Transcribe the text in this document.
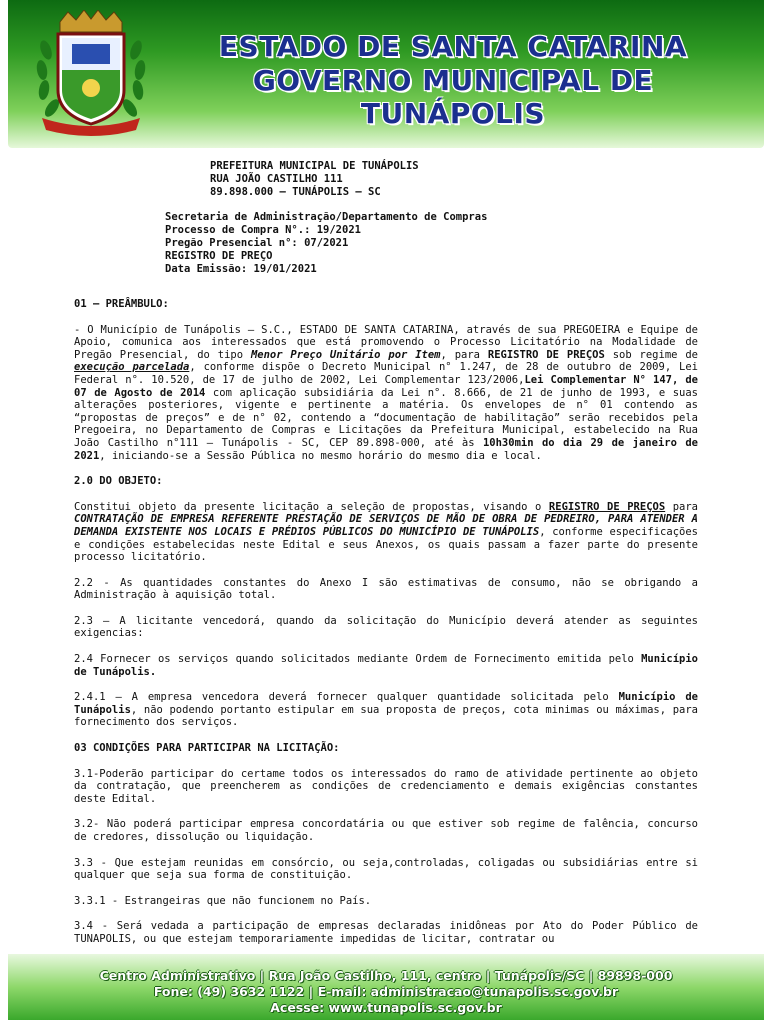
ESTADO DE SANTA CATARINA
GOVERNO MUNICIPAL DE TUNÁPOLIS
PREFEITURA MUNICIPAL DE TUNÁPOLIS
RUA JOÃO CASTILHO 111
89.898.000 – TUNÁPOLIS – SC
Secretaria de Administração/Departamento de Compras
Processo de Compra N°.: 19/2021
Pregão Presencial n°: 07/2021
REGISTRO DE PREÇO
Data Emissão: 19/01/2021

01 – PREÂMBULO:

- O Município de Tunápolis – S.C., ESTADO DE SANTA CATARINA, através de sua PREGOEIRA e Equipe de Apoio, comunica aos interessados que está promovendo o Processo Licitatório na Modalidade de Pregão Presencial, do tipo Menor Preço Unitário por Item, para REGISTRO DE PREÇOS sob regime de execução parcelada, conforme dispõe o Decreto Municipal n° 1.247, de 28 de outubro de 2009, Lei Federal n°. 10.520, de 17 de julho de 2002, Lei Complementar 123/2006,Lei Complementar N° 147, de 07 de Agosto de 2014 com aplicação subsidiária da Lei n°. 8.666, de 21 de junho de 1993, e suas alterações posteriores, vigente e pertinente a matéria. Os envelopes de n° 01 contendo as “propostas de preços” e de n° 02, contendo a “documentação de habilitação” serão recebidos pela Pregoeira, no Departamento de Compras e Licitações da Prefeitura Municipal, estabelecido na Rua João Castilho n°111 – Tunápolis - SC, CEP 89.898-000, até às 10h30min do dia 29 de janeiro de 2021, iniciando-se a Sessão Pública no mesmo horário do mesmo dia e local.

2.0 DO OBJETO:

Constitui objeto da presente licitação a seleção de propostas, visando o REGISTRO DE PREÇOS para CONTRATAÇÃO DE EMPRESA REFERENTE PRESTAÇÃO DE SERVIÇOS DE MÃO DE OBRA DE PEDREIRO, PARA ATENDER A DEMANDA EXISTENTE NOS LOCAIS E PRÉDIOS PÚBLICOS DO MUNICÍPIO DE TUNÁPOLIS, conforme especificações e condições estabelecidas neste Edital e seus Anexos, os quais passam a fazer parte do presente processo licitatório.

2.2 - As quantidades constantes do Anexo I são estimativas de consumo, não se obrigando a Administração à aquisição total.

2.3 – A licitante vencedorá, quando da solicitação do Município deverá atender as seguintes exigencias:

2.4 Fornecer os serviços quando solicitados mediante Ordem de Fornecimento emitida pelo Município de Tunápolis.

2.4.1 – A empresa vencedora deverá fornecer qualquer quantidade solicitada pelo Município de Tunápolis, não podendo portanto estipular em sua proposta de preços, cota minimas ou máximas, para fornecimento dos serviços.

03 CONDIÇÕES PARA PARTICIPAR NA LICITAÇÃO:

3.1-Poderão participar do certame todos os interessados do ramo de atividade pertinente ao objeto da contratação, que preencherem as condições de credenciamento e demais exigências constantes deste Edital.

3.2- Não poderá participar empresa concordatária ou que estiver sob regime de falência, concurso de credores, dissolução ou liquidação.

3.3 - Que estejam reunidas em consórcio, ou seja,controladas, coligadas ou subsidiárias entre si qualquer que seja sua forma de constituição.

3.3.1 - Estrangeiras que não funcionem no País.

3.4 - Será vedada a participação de empresas declaradas inidôneas por Ato do Poder Público de TUNAPOLIS, ou que estejam temporariamente impedidas de licitar, contratar ou

Centro Administrativo | Rua João Castilho, 111, centro | Tunápolis/SC | 89898-000
Fone: (49) 3632 1122 | E-mail: administracao@tunapolis.sc.gov.br
Acesse: www.tunapolis.sc.gov.br
